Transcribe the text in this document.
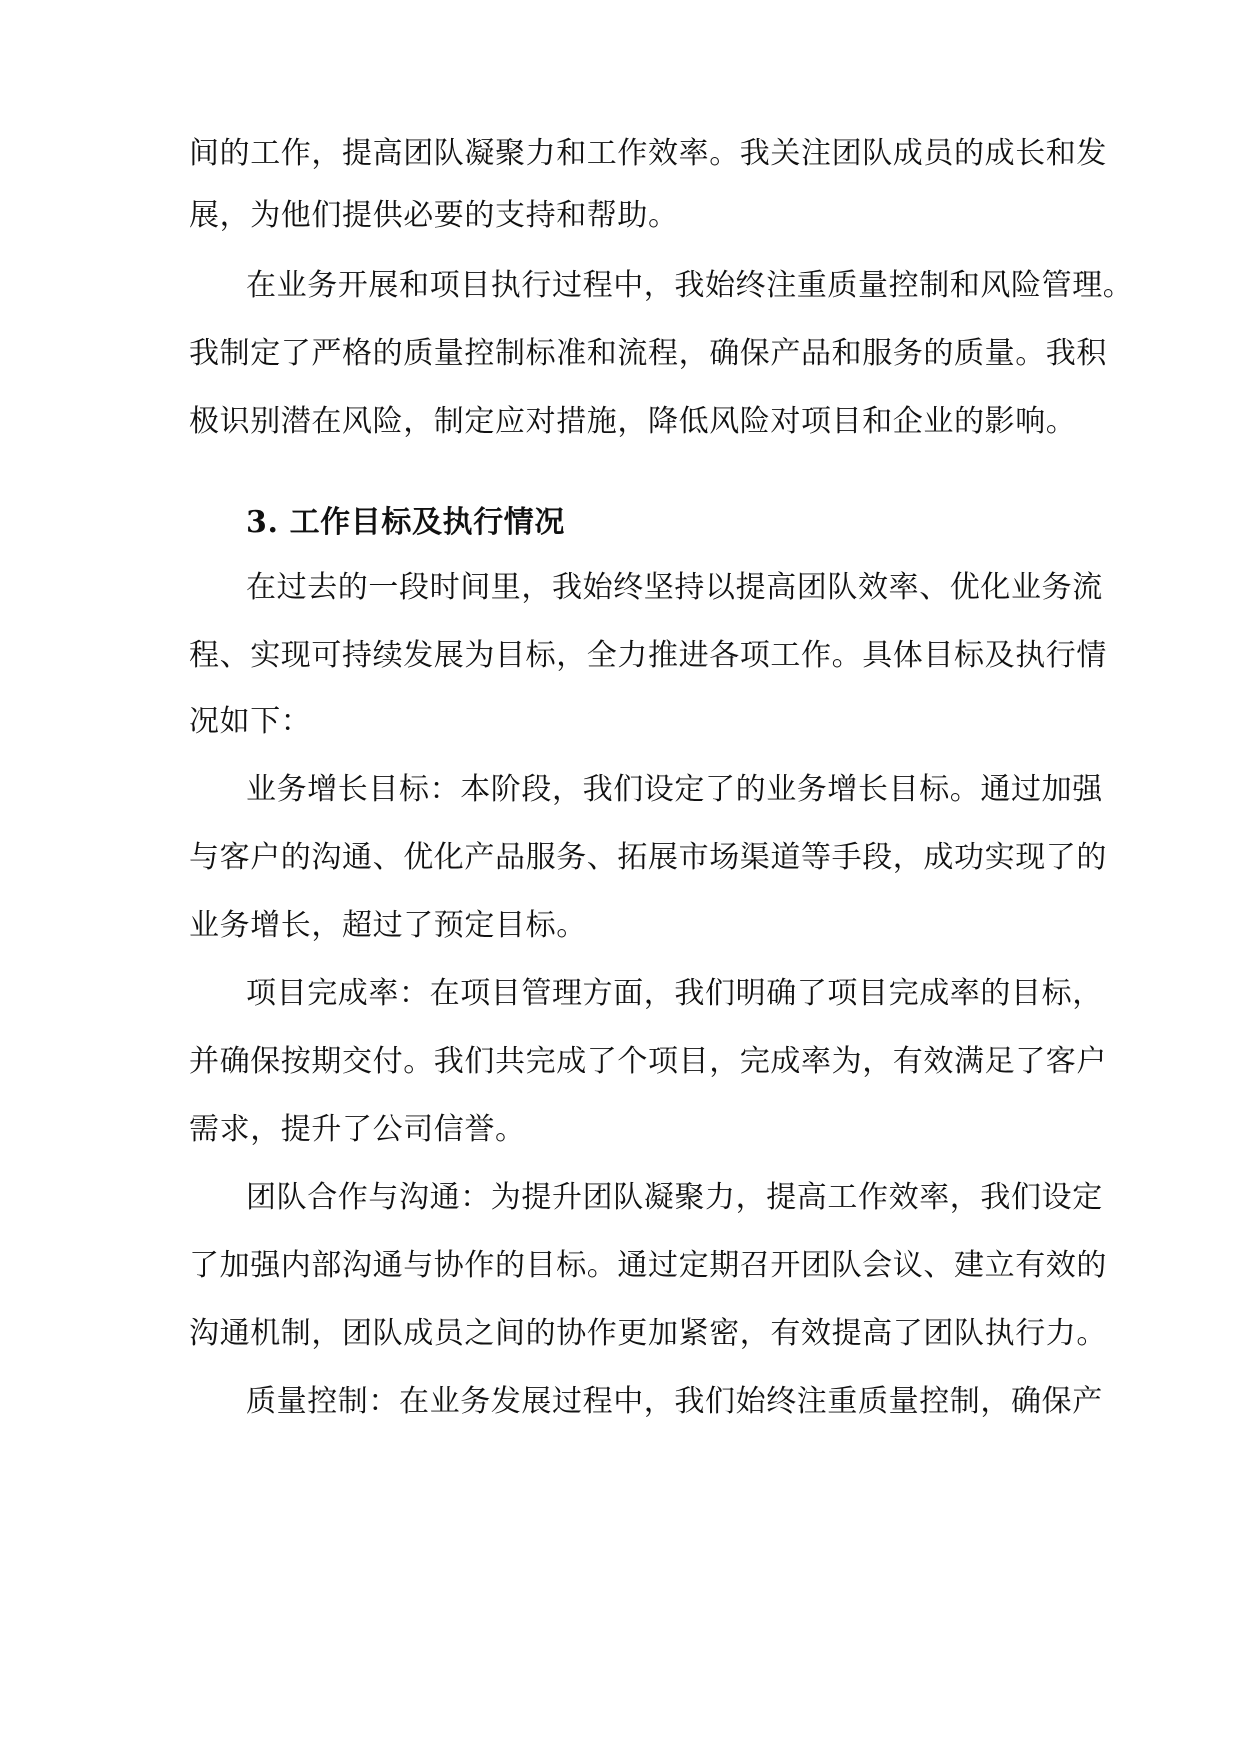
间的工作，提高团队凝聚力和工作效率。我关注团队成员的成长和发
展，为他们提供必要的支持和帮助。
在业务开展和项目执行过程中，我始终注重质量控制和风险管理。
我制定了严格的质量控制标准和流程，确保产品和服务的质量。我积
极识别潜在风险，制定应对措施，降低风险对项目和企业的影响。
3. 工作目标及执行情况
在过去的一段时间里，我始终坚持以提高团队效率、优化业务流
程、实现可持续发展为目标，全力推进各项工作。具体目标及执行情
况如下：
业务增长目标：本阶段，我们设定了的业务增长目标。通过加强
与客户的沟通、优化产品服务、拓展市场渠道等手段，成功实现了的
业务增长，超过了预定目标。
项目完成率：在项目管理方面，我们明确了项目完成率的目标，
并确保按期交付。我们共完成了个项目，完成率为，有效满足了客户
需求，提升了公司信誉。
团队合作与沟通：为提升团队凝聚力，提高工作效率，我们设定
了加强内部沟通与协作的目标。通过定期召开团队会议、建立有效的
沟通机制，团队成员之间的协作更加紧密，有效提高了团队执行力。
质量控制：在业务发展过程中，我们始终注重质量控制，确保产
